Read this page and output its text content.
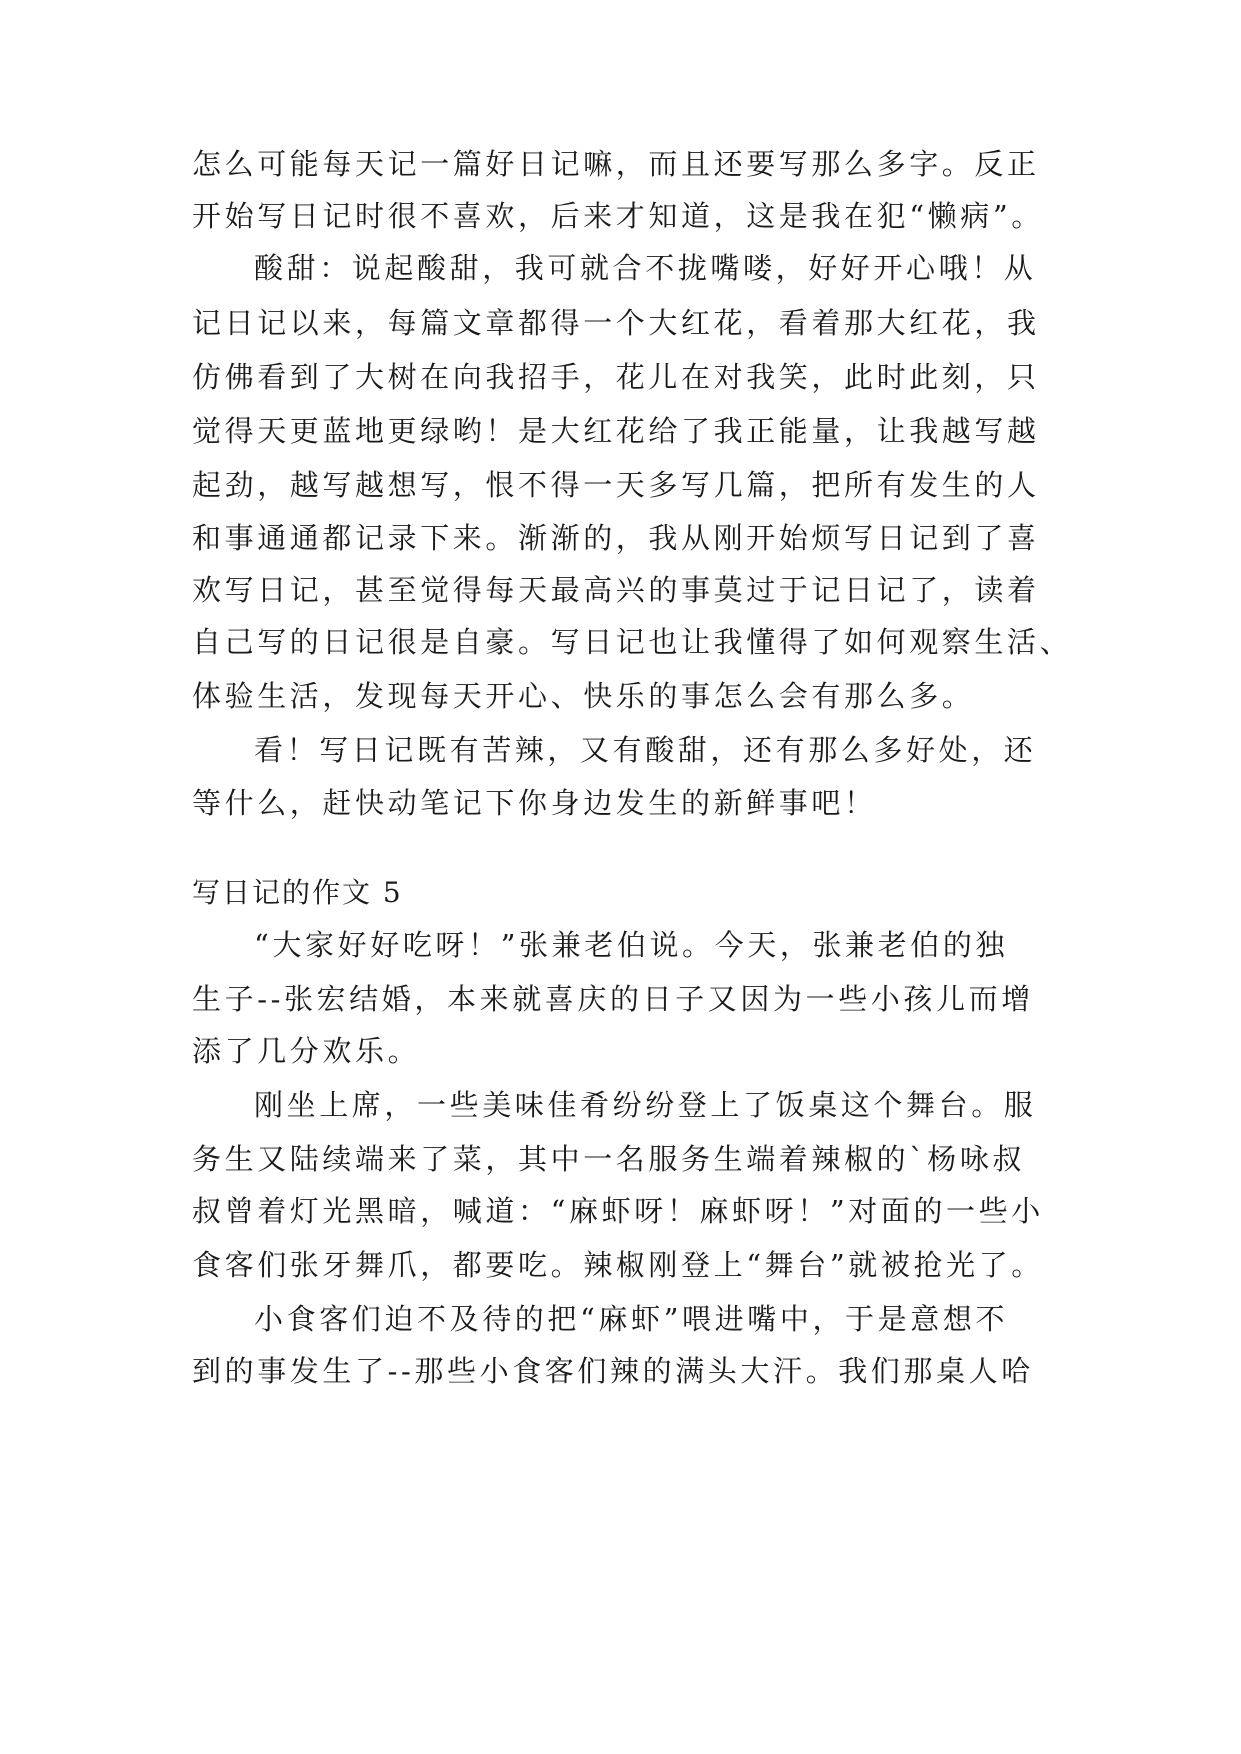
怎么可能每天记一篇好日记嘛，而且还要写那么多字。反正
开始写日记时很不喜欢，后来才知道，这是我在犯“懒病”。
酸甜：说起酸甜，我可就合不拢嘴喽，好好开心哦！从
记日记以来，每篇文章都得一个大红花，看着那大红花，我
仿佛看到了大树在向我招手，花儿在对我笑，此时此刻，只
觉得天更蓝地更绿哟！是大红花给了我正能量，让我越写越
起劲，越写越想写，恨不得一天多写几篇，把所有发生的人
和事通通都记录下来。渐渐的，我从刚开始烦写日记到了喜
欢写日记，甚至觉得每天最高兴的事莫过于记日记了，读着
自己写的日记很是自豪。写日记也让我懂得了如何观察生活、
体验生活，发现每天开心、快乐的事怎么会有那么多。
看！写日记既有苦辣，又有酸甜，还有那么多好处，还
等什么，赶快动笔记下你身边发生的新鲜事吧！
写日记的作文 5
“大家好好吃呀！”张兼老伯说。今天，张兼老伯的独
生子--张宏结婚，本来就喜庆的日子又因为一些小孩儿而增
添了几分欢乐。
刚坐上席，一些美味佳肴纷纷登上了饭桌这个舞台。服
务生又陆续端来了菜，其中一名服务生端着辣椒的`杨咏叔
叔曾着灯光黑暗，喊道：“麻虾呀！麻虾呀！”对面的一些小
食客们张牙舞爪，都要吃。辣椒刚登上“舞台”就被抢光了。
小食客们迫不及待的把“麻虾”喂进嘴中，于是意想不
到的事发生了--那些小食客们辣的满头大汗。我们那桌人哈
